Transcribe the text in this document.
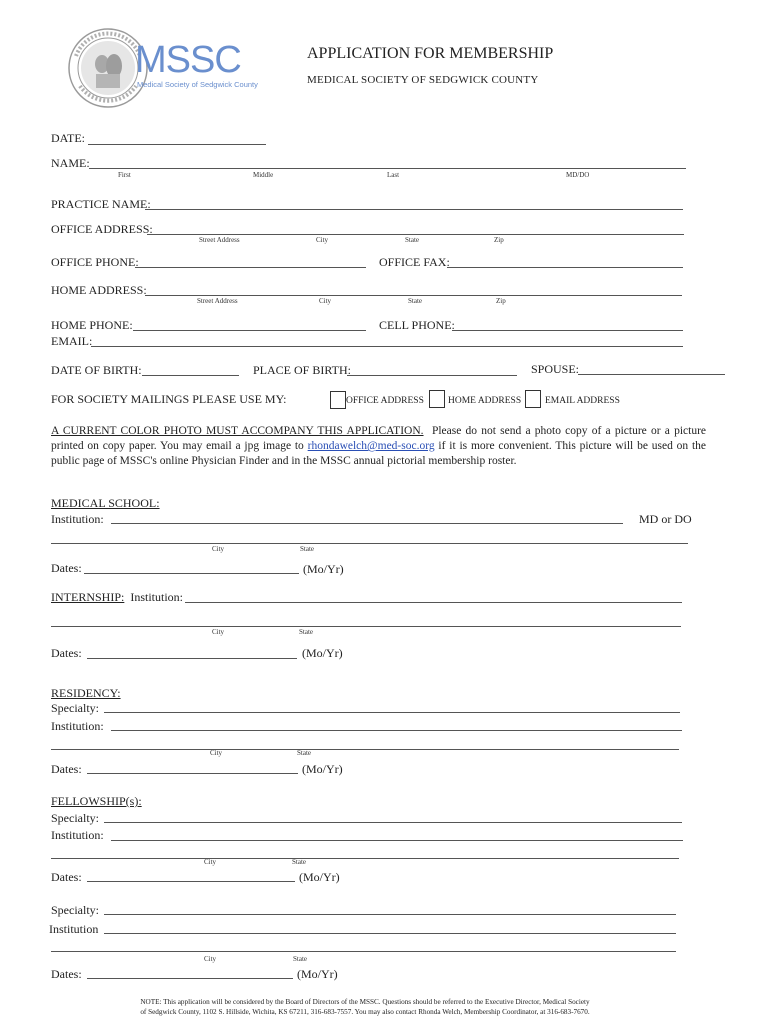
MSSC
Medical Society of Sedgwick County
APPLICATION FOR MEMBERSHIP
MEDICAL SOCIETY OF SEDGWICK COUNTY
DATE:
NAME:
First	Middle	Last	MD/DO
PRACTICE NAME:
OFFICE ADDRESS:
Street Address	City	State	Zip
OFFICE PHONE:	OFFICE FAX:
HOME ADDRESS:
Street Address	City	State	Zip
HOME PHONE:	CELL PHONE:
EMAIL:
DATE OF BIRTH:	PLACE OF BIRTH:	SPOUSE:
FOR SOCIETY MAILINGS PLEASE USE MY:	OFFICE ADDRESS	HOME ADDRESS	EMAIL ADDRESS
A CURRENT COLOR PHOTO MUST ACCOMPANY THIS APPLICATION. Please do not send a photo copy of a picture or a picture printed on copy paper. You may email a jpg image to rhondawelch@med-soc.org if it is more convenient. This picture will be used on the public page of MSSC's online Physician Finder and in the MSSC annual pictorial membership roster.
MEDICAL SCHOOL:
Institution:	MD or DO
City	State
Dates:	(Mo/Yr)
INTERNSHIP: Institution:
City	State
Dates:	(Mo/Yr)
RESIDENCY:
Specialty:
Institution:
City	State
Dates:	(Mo/Yr)
FELLOWSHIP(s):
Specialty:
Institution:
City	State
Dates:	(Mo/Yr)
Specialty:
Institution
City	State
Dates:	(Mo/Yr)
NOTE: This application will be considered by the Board of Directors of the MSSC. Questions should be referred to the Executive Director, Medical Society
of Sedgwick County, 1102 S. Hillside, Wichita, KS 67211, 316-683-7557. You may also contact Rhonda Welch, Membership Coordinator, at 316-683-7670.
